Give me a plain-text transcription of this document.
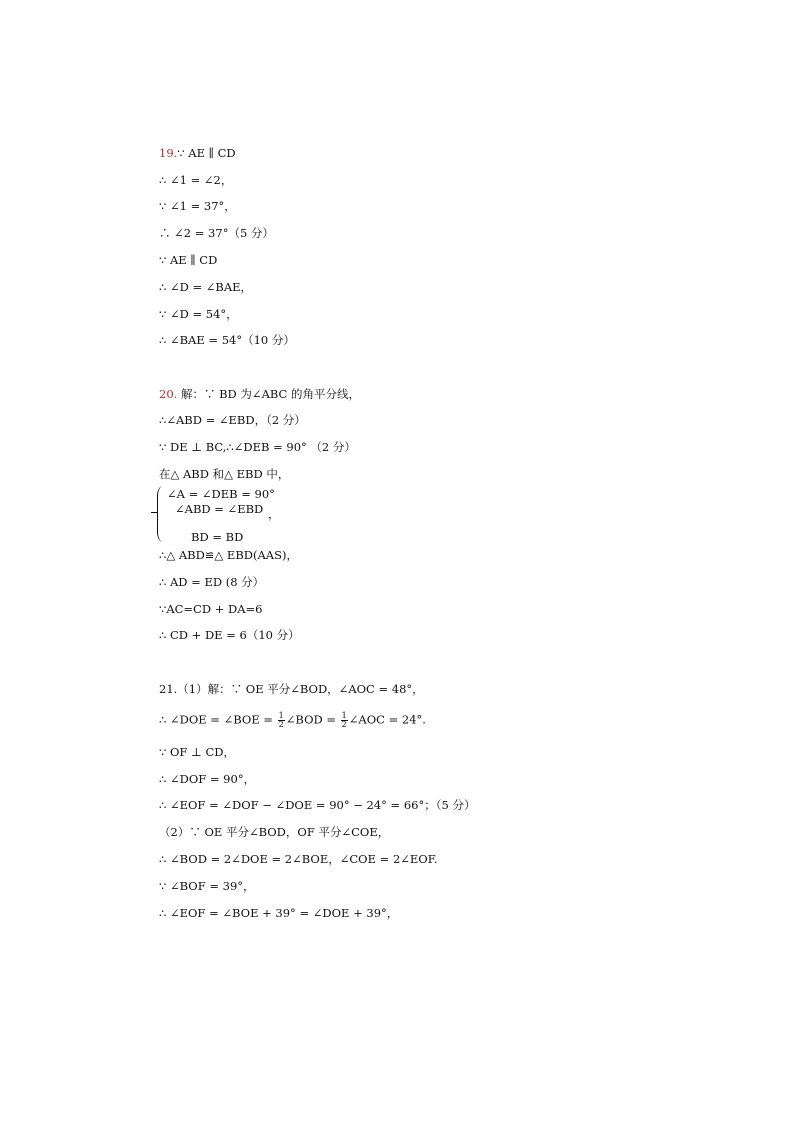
19.∵ AE ∥ CD
∴ ∠1 = ∠2，
∵ ∠1 = 37°，
∴ ∠2 = 37°（5 分）
∵ AE ∥ CD
∴ ∠D = ∠BAE，
∵ ∠D = 54°，
∴ ∠BAE = 54°（10 分）
20. 解：∵ BD 为∠ABC 的角平分线，
∴∠ABD = ∠EBD，（2 分）
∵ DE ⊥ BC,∴∠DEB = 90° （2 分）
在△ ABD 和△ EBD 中，
∠A = ∠DEB = 90°
∠ABD = ∠EBD ，
BD = BD
∴△ ABD≌△ EBD(AAS)，
∴ AD = ED (8 分）
∵AC=CD + DA=6
∴ CD + DE = 6（10 分）
21.（1）解：∵ OE 平分∠BOD，∠AOC = 48°，
∴ ∠DOE = ∠BOE = $\frac{1}{2}$ ∠BOD = $\frac{1}{2}$ ∠AOC = 24°.
∵ OF ⊥ CD，
∴ ∠DOF = 90°，
∴ ∠EOF = ∠DOF − ∠DOE = 90° − 24° = 66°；（5 分）
（2）∵ OE 平分∠BOD，OF 平分∠COE，
∴ ∠BOD = 2∠DOE = 2∠BOE，∠COE = 2∠EOF.
∵ ∠BOF = 39°，
∴ ∠EOF = ∠BOE + 39° = ∠DOE + 39°，
